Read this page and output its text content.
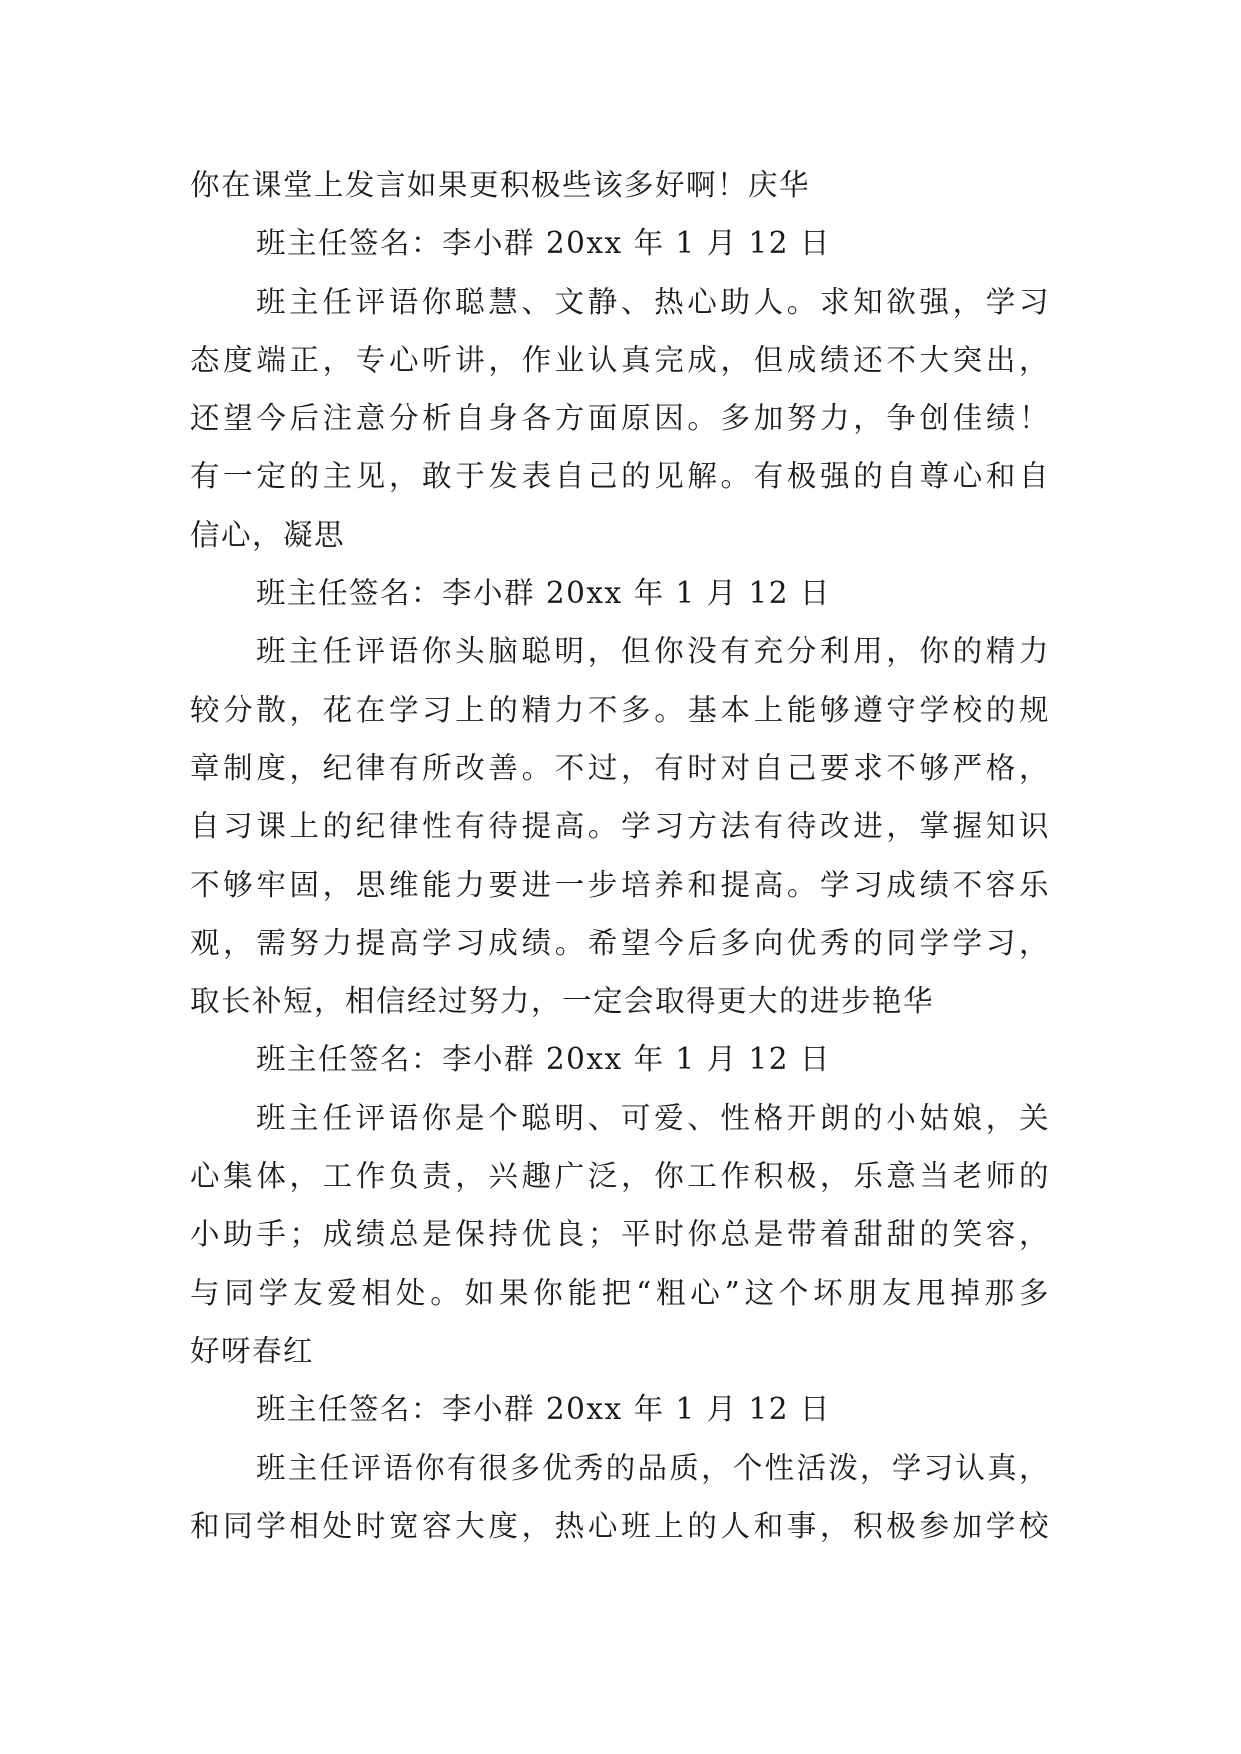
你在课堂上发言如果更积极些该多好啊！庆华
班主任签名：李小群 20xx 年 1 月 12 日
班主任评语你聪慧、文静、热心助人。求知欲强，学习
态度端正，专心听讲，作业认真完成，但成绩还不大突出，
还望今后注意分析自身各方面原因。多加努力，争创佳绩！
有一定的主见，敢于发表自己的见解。有极强的自尊心和自
信心，凝思
班主任签名：李小群 20xx 年 1 月 12 日
班主任评语你头脑聪明，但你没有充分利用，你的精力
较分散，花在学习上的精力不多。基本上能够遵守学校的规
章制度，纪律有所改善。不过，有时对自己要求不够严格，
自习课上的纪律性有待提高。学习方法有待改进，掌握知识
不够牢固，思维能力要进一步培养和提高。学习成绩不容乐
观，需努力提高学习成绩。希望今后多向优秀的同学学习，
取长补短，相信经过努力，一定会取得更大的进步艳华
班主任签名：李小群 20xx 年 1 月 12 日
班主任评语你是个聪明、可爱、性格开朗的小姑娘，关
心集体，工作负责，兴趣广泛，你工作积极，乐意当老师的
小助手；成绩总是保持优良；平时你总是带着甜甜的笑容，
与同学友爱相处。如果你能把“粗心”这个坏朋友甩掉那多
好呀春红
班主任签名：李小群 20xx 年 1 月 12 日
班主任评语你有很多优秀的品质，个性活泼，学习认真，
和同学相处时宽容大度，热心班上的人和事，积极参加学校
